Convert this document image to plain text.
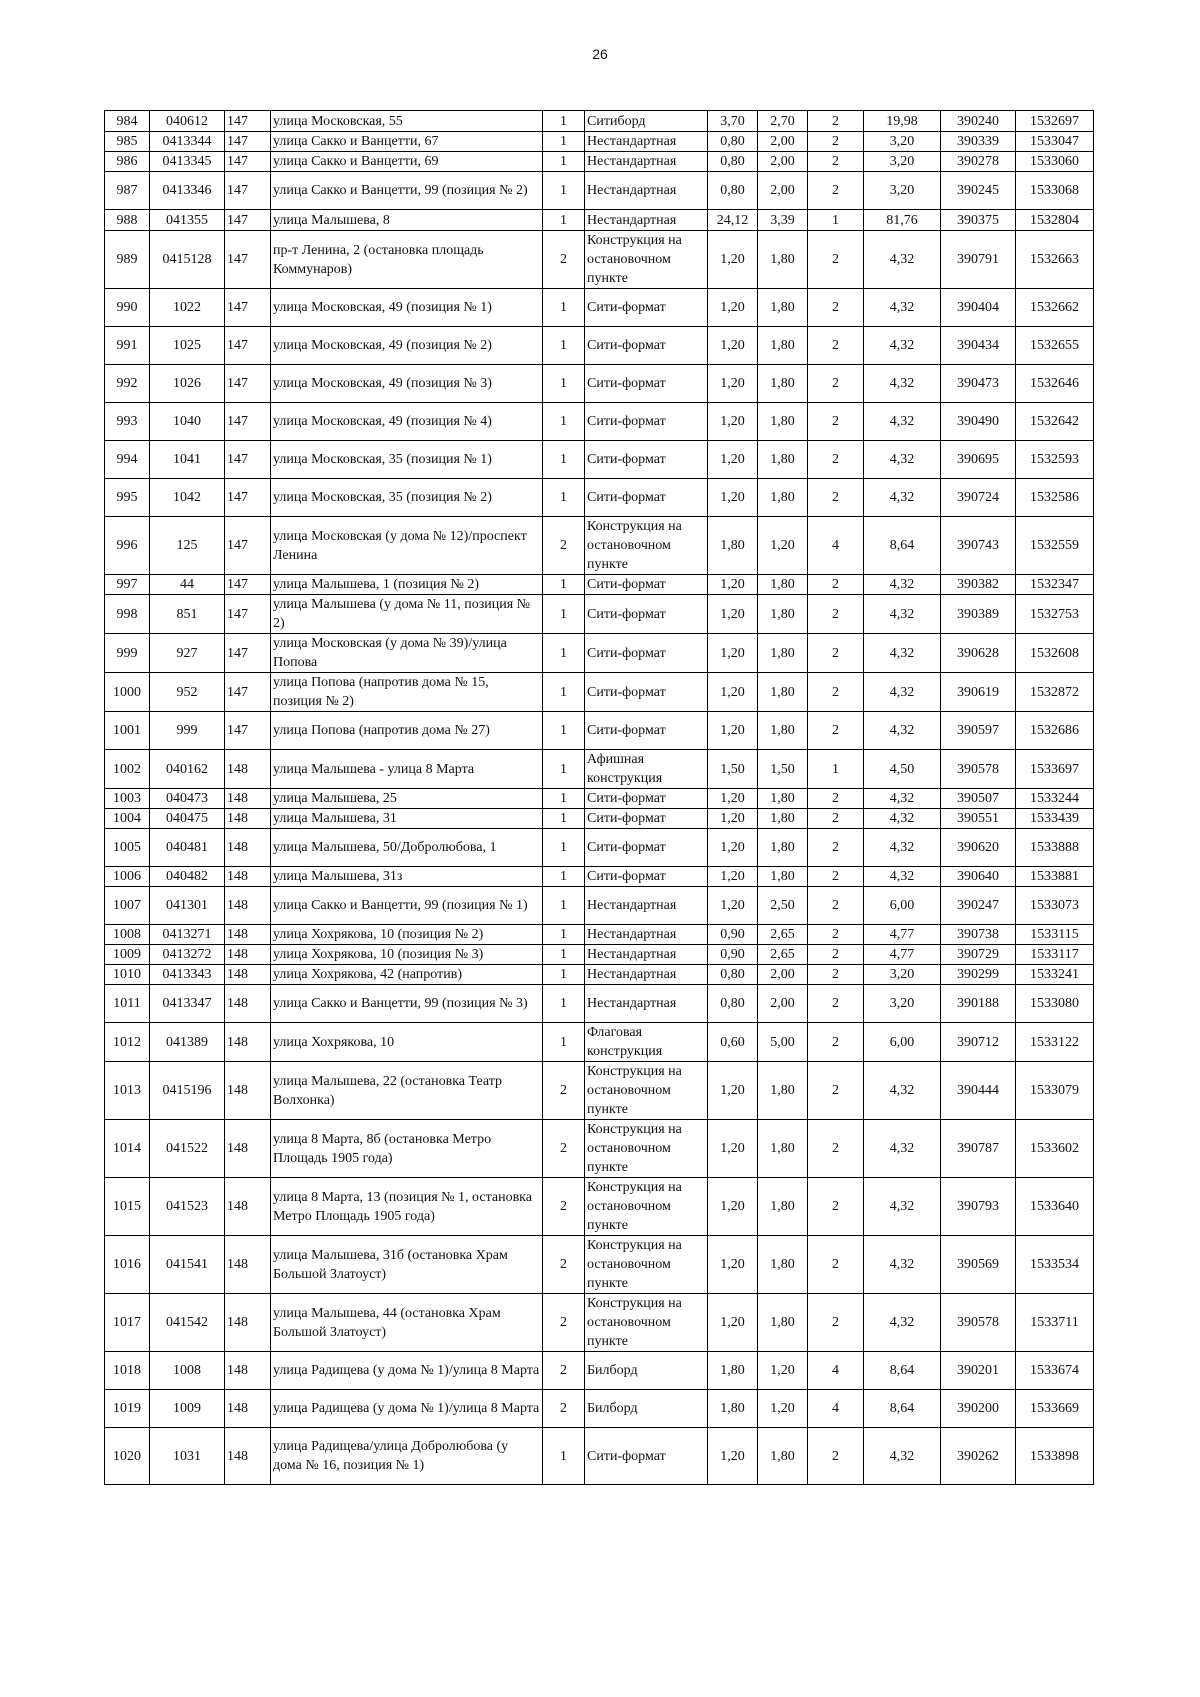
26
984	040612	147	улица Московская, 55	1	Ситиборд	3,70	2,70	2	19,98	390240	1532697
985	0413344	147	улица Сакко и Ванцетти, 67	1	Нестандартная	0,80	2,00	2	3,20	390339	1533047
986	0413345	147	улица Сакко и Ванцетти, 69	1	Нестандартная	0,80	2,00	2	3,20	390278	1533060
987	0413346	147	улица Сакко и Ванцетти, 99 (позиция № 2)	1	Нестандартная	0,80	2,00	2	3,20	390245	1533068
988	041355	147	улица Малышева, 8	1	Нестандартная	24,12	3,39	1	81,76	390375	1532804
989	0415128	147	пр-т Ленина, 2 (остановка площадь Коммунаров)	2	Конструкция на остановочном пункте	1,20	1,80	2	4,32	390791	1532663
990	1022	147	улица Московская, 49 (позиция № 1)	1	Сити-формат	1,20	1,80	2	4,32	390404	1532662
991	1025	147	улица Московская, 49 (позиция № 2)	1	Сити-формат	1,20	1,80	2	4,32	390434	1532655
992	1026	147	улица Московская, 49 (позиция № 3)	1	Сити-формат	1,20	1,80	2	4,32	390473	1532646
993	1040	147	улица Московская, 49 (позиция № 4)	1	Сити-формат	1,20	1,80	2	4,32	390490	1532642
994	1041	147	улица Московская, 35 (позиция № 1)	1	Сити-формат	1,20	1,80	2	4,32	390695	1532593
995	1042	147	улица Московская, 35 (позиция № 2)	1	Сити-формат	1,20	1,80	2	4,32	390724	1532586
996	125	147	улица Московская (у дома № 12)/проспект Ленина	2	Конструкция на остановочном пункте	1,80	1,20	4	8,64	390743	1532559
997	44	147	улица Малышева, 1 (позиция № 2)	1	Сити-формат	1,20	1,80	2	4,32	390382	1532347
998	851	147	улица Малышева (у дома № 11, позиция № 2)	1	Сити-формат	1,20	1,80	2	4,32	390389	1532753
999	927	147	улица Московская (у дома № 39)/улица Попова	1	Сити-формат	1,20	1,80	2	4,32	390628	1532608
1000	952	147	улица Попова (напротив дома № 15, позиция № 2)	1	Сити-формат	1,20	1,80	2	4,32	390619	1532872
1001	999	147	улица Попова (напротив дома № 27)	1	Сити-формат	1,20	1,80	2	4,32	390597	1532686
1002	040162	148	улица Малышева - улица 8 Марта	1	Афишная конструкция	1,50	1,50	1	4,50	390578	1533697
1003	040473	148	улица Малышева, 25	1	Сити-формат	1,20	1,80	2	4,32	390507	1533244
1004	040475	148	улица Малышева, 31	1	Сити-формат	1,20	1,80	2	4,32	390551	1533439
1005	040481	148	улица Малышева, 50/Добролюбова, 1	1	Сити-формат	1,20	1,80	2	4,32	390620	1533888
1006	040482	148	улица Малышева, 31з	1	Сити-формат	1,20	1,80	2	4,32	390640	1533881
1007	041301	148	улица Сакко и Ванцетти, 99 (позиция № 1)	1	Нестандартная	1,20	2,50	2	6,00	390247	1533073
1008	0413271	148	улица Хохрякова, 10 (позиция № 2)	1	Нестандартная	0,90	2,65	2	4,77	390738	1533115
1009	0413272	148	улица Хохрякова, 10 (позиция № 3)	1	Нестандартная	0,90	2,65	2	4,77	390729	1533117
1010	0413343	148	улица Хохрякова, 42 (напротив)	1	Нестандартная	0,80	2,00	2	3,20	390299	1533241
1011	0413347	148	улица Сакко и Ванцетти, 99 (позиция № 3)	1	Нестандартная	0,80	2,00	2	3,20	390188	1533080
1012	041389	148	улица Хохрякова, 10	1	Флаговая конструкция	0,60	5,00	2	6,00	390712	1533122
1013	0415196	148	улица Малышева, 22 (остановка Театр Волхонка)	2	Конструкция на остановочном пункте	1,20	1,80	2	4,32	390444	1533079
1014	041522	148	улица 8 Марта, 8б (остановка Метро Площадь 1905 года)	2	Конструкция на остановочном пункте	1,20	1,80	2	4,32	390787	1533602
1015	041523	148	улица 8 Марта, 13 (позиция № 1, остановка Метро Площадь 1905 года)	2	Конструкция на остановочном пункте	1,20	1,80	2	4,32	390793	1533640
1016	041541	148	улица Малышева, 31б (остановка Храм Большой Златоуст)	2	Конструкция на остановочном пункте	1,20	1,80	2	4,32	390569	1533534
1017	041542	148	улица Малышева, 44 (остановка Храм Большой Златоуст)	2	Конструкция на остановочном пункте	1,20	1,80	2	4,32	390578	1533711
1018	1008	148	улица Радищева (у дома № 1)/улица 8 Марта	2	Билборд	1,80	1,20	4	8,64	390201	1533674
1019	1009	148	улица Радищева (у дома № 1)/улица 8 Марта	2	Билборд	1,80	1,20	4	8,64	390200	1533669
1020	1031	148	улица Радищева/улица Добролюбова (у дома № 16, позиция № 1)	1	Сити-формат	1,20	1,80	2	4,32	390262	1533898
